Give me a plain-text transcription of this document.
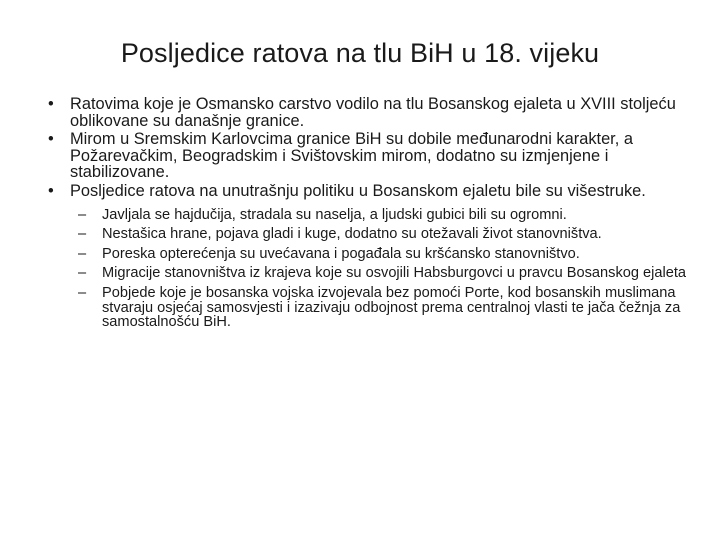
Posljedice ratova na tlu BiH u 18. vijeku
• Ratovima koje je Osmansko carstvo vodilo na tlu Bosanskog ejaleta u XVIII stoljeću oblikovane su današnje granice.
• Mirom u Sremskim Karlovcima granice BiH su dobile međunarodni karakter, a Požarevačkim, Beogradskim i Svištovskim mirom, dodatno su izmjenjene i stabilizovane.
• Posljedice ratova na unutrašnju politiku u Bosanskom ejaletu bile su višestruke.
– Javljala se hajdučija, stradala su naselja, a ljudski gubici bili su ogromni.
– Nestašica hrane, pojava gladi i kuge, dodatno su otežavali život stanovništva.
– Poreska opterećenja su uvećavana i pogađala su kršćansko stanovništvo.
– Migracije stanovništva iz krajeva koje su osvojili Habsburgovci u pravcu Bosanskog ejaleta
– Pobjede koje je bosanska vojska izvojevala bez pomoći Porte, kod bosanskih muslimana stvaraju osjećaj samosvjesti i izazivaju odbojnost prema centralnoj vlasti te jača čežnja za samostalnošću BiH.
